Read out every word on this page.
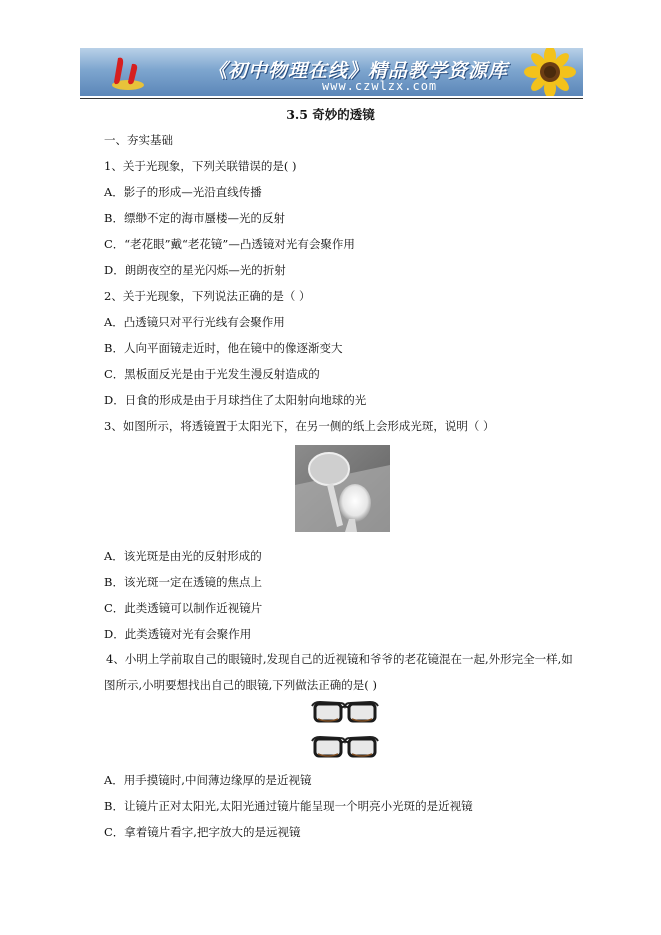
《初中物理在线》精品教学资源库
www.czwlzx.com
3.5 奇妙的透镜
一、夯实基础
1、关于光现象，下列关联错误的是( )
A．影子的形成—光沿直线传播
B．缥缈不定的海市蜃楼—光的反射
C．“老花眼”戴“老花镜”—凸透镜对光有会聚作用
D．朗朗夜空的星光闪烁—光的折射
2、关于光现象，下列说法正确的是（ ）
A．凸透镜只对平行光线有会聚作用
B．人向平面镜走近时，他在镜中的像逐渐变大
C．黑板面反光是由于光发生漫反射造成的
D．日食的形成是由于月球挡住了太阳射向地球的光
3、如图所示，将透镜置于太阳光下，在另一侧的纸上会形成光斑，说明（ ）
A．该光斑是由光的反射形成的
B．该光斑一定在透镜的焦点上
C．此类透镜可以制作近视镜片
D．此类透镜对光有会聚作用
4、小明上学前取自己的眼镜时,发现自己的近视镜和爷爷的老花镜混在一起,外形完全一样,如图所示,小明要想找出自己的眼镜,下列做法正确的是( )
A．用手摸镜时,中间薄边缘厚的是近视镜
B．让镜片正对太阳光,太阳光通过镜片能呈现一个明亮小光斑的是近视镜
C．拿着镜片看字,把字放大的是远视镜
